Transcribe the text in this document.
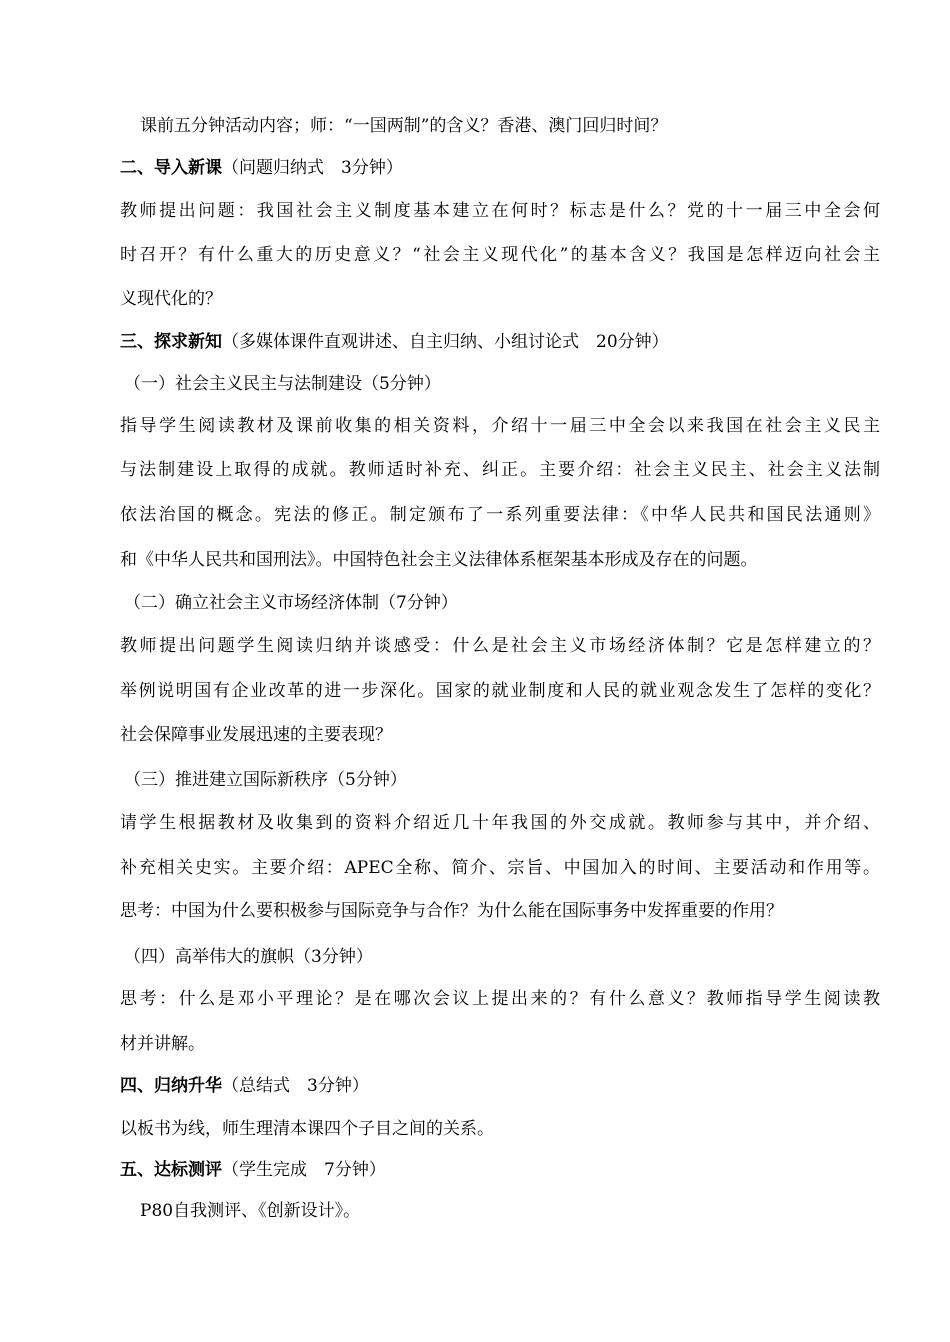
课前五分钟活动内容；师：“一国两制”的含义？香港、澳门回归时间？
二、导入新课（问题归纳式　3分钟）
教师提出问题：我国社会主义制度基本建立在何时？标志是什么？党的十一届三中全会何
时召开？有什么重大的历史意义？“社会主义现代化”的基本含义？我国是怎样迈向社会主
义现代化的？
三、探求新知（多媒体课件直观讲述、自主归纳、小组讨论式　20分钟）
（一）社会主义民主与法制建设（5分钟）
指导学生阅读教材及课前收集的相关资料，介绍十一届三中全会以来我国在社会主义民主
与法制建设上取得的成就。教师适时补充、纠正。主要介绍：社会主义民主、社会主义法制
依法治国的概念。宪法的修正。制定颁布了一系列重要法律：《中华人民共和国民法通则》
和《中华人民共和国刑法》。中国特色社会主义法律体系框架基本形成及存在的问题。
（二）确立社会主义市场经济体制（7分钟）
教师提出问题学生阅读归纳并谈感受：什么是社会主义市场经济体制？它是怎样建立的？
举例说明国有企业改革的进一步深化。国家的就业制度和人民的就业观念发生了怎样的变化？
社会保障事业发展迅速的主要表现？
（三）推进建立国际新秩序（5分钟）
请学生根据教材及收集到的资料介绍近几十年我国的外交成就。教师参与其中，并介绍、
补充相关史实。主要介绍：APEC全称、简介、宗旨、中国加入的时间、主要活动和作用等。
思考：中国为什么要积极参与国际竞争与合作？为什么能在国际事务中发挥重要的作用？
（四）高举伟大的旗帜（3分钟）
思考：什么是邓小平理论？是在哪次会议上提出来的？有什么意义？教师指导学生阅读教
材并讲解。
四、归纳升华（总结式　3分钟）
以板书为线，师生理清本课四个子目之间的关系。
五、达标测评（学生完成　7分钟）
P80自我测评、《创新设计》。
